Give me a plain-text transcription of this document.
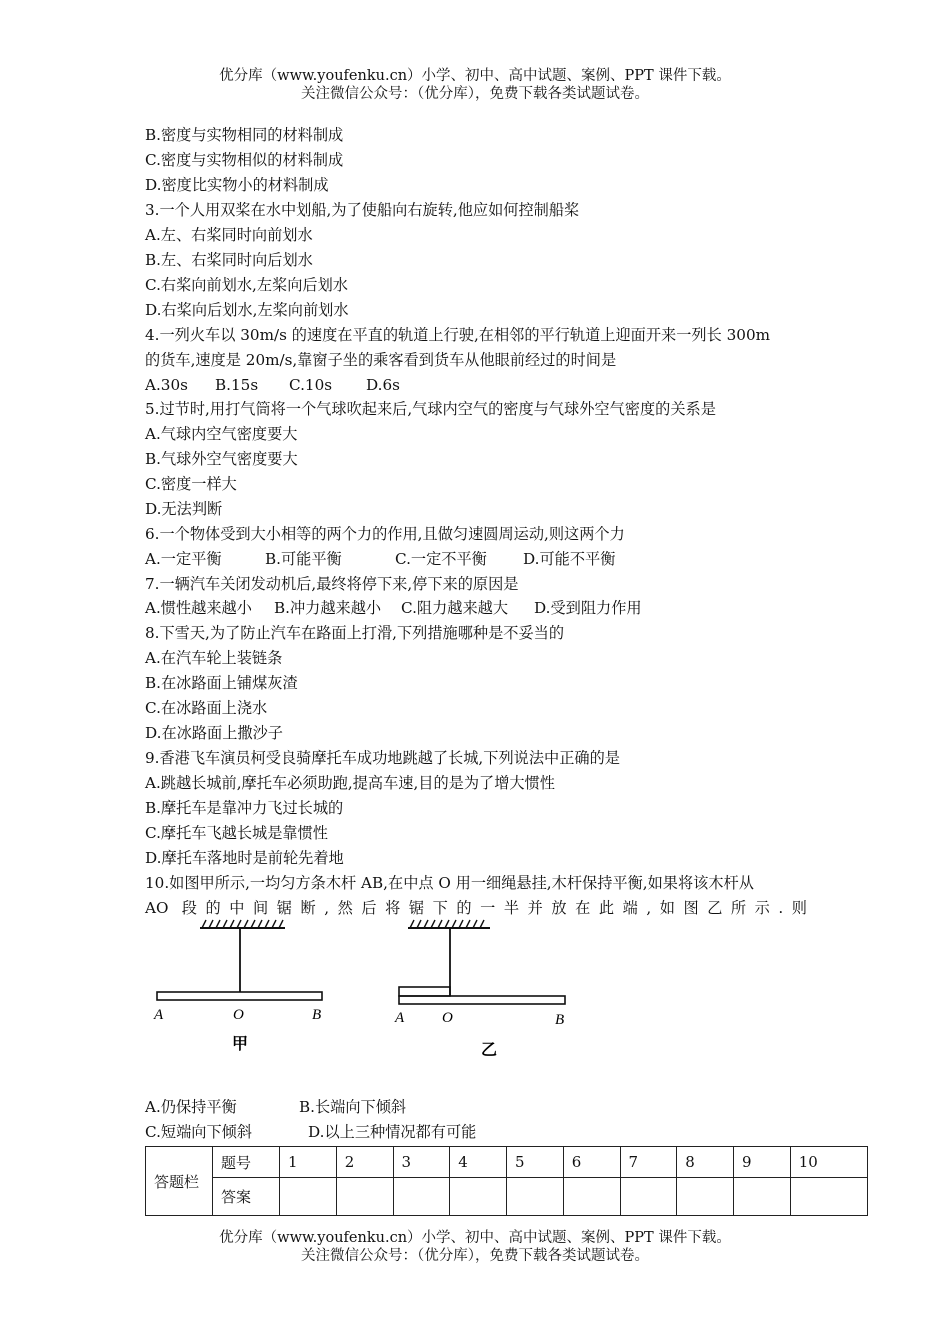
优分库（www.youfenku.cn）小学、初中、高中试题、案例、PPT 课件下载。
关注微信公众号：（优分库），免费下载各类试题试卷。
B.密度与实物相同的材料制成
C.密度与实物相似的材料制成
D.密度比实物小的材料制成
3.一个人用双桨在水中划船,为了使船向右旋转,他应如何控制船桨
A.左、右桨同时向前划水
B.左、右桨同时向后划水
C.右桨向前划水,左桨向后划水
D.右桨向后划水,左桨向前划水
4.一列火车以 30m/s 的速度在平直的轨道上行驶,在相邻的平行轨道上迎面开来一列长 300m
的货车,速度是 20m/s,靠窗子坐的乘客看到货车从他眼前经过的时间是
A.30s B.15s C.10s D.6s
5.过节时,用打气筒将一个气球吹起来后,气球内空气的密度与气球外空气密度的关系是
A.气球内空气密度要大
B.气球外空气密度要大
C.密度一样大
D.无法判断
6.一个物体受到大小相等的两个力的作用,且做匀速圆周运动,则这两个力
A.一定平衡	B.可能平衡	C.一定不平衡 D.可能不平衡
7.一辆汽车关闭发动机后,最终将停下来,停下来的原因是
A.惯性越来越小 B.冲力越来越小 C.阻力越来越大 D.受到阻力作用
8.下雪天,为了防止汽车在路面上打滑,下列措施哪种是不妥当的
A.在汽车轮上装链条
B.在冰路面上铺煤灰渣
C.在冰路面上浇水
D.在冰路面上撒沙子
9.香港飞车演员柯受良骑摩托车成功地跳越了长城,下列说法中正确的是
A.跳越长城前,摩托车必须助跑,提高车速,目的是为了增大惯性
B.摩托车是靠冲力飞过长城的
C.摩托车飞越长城是靠惯性
D.摩托车落地时是前轮先着地
10.如图甲所示,一均匀方条木杆 AB,在中点 O 用一细绳悬挂,木杆保持平衡,如果将该木杆从
AO 段的中间锯断,然后将锯下的一半并放在此端,如图乙所示.则
A	O	B
甲
A	O	B
乙
A.仍保持平衡	B.长端向下倾斜
C.短端向下倾斜	D.以上三种情况都有可能
答题栏	题号	1	2	3	4	5	6	7	8	9	10
	答案										
优分库（www.youfenku.cn）小学、初中、高中试题、案例、PPT 课件下载。
关注微信公众号：（优分库），免费下载各类试题试卷。
